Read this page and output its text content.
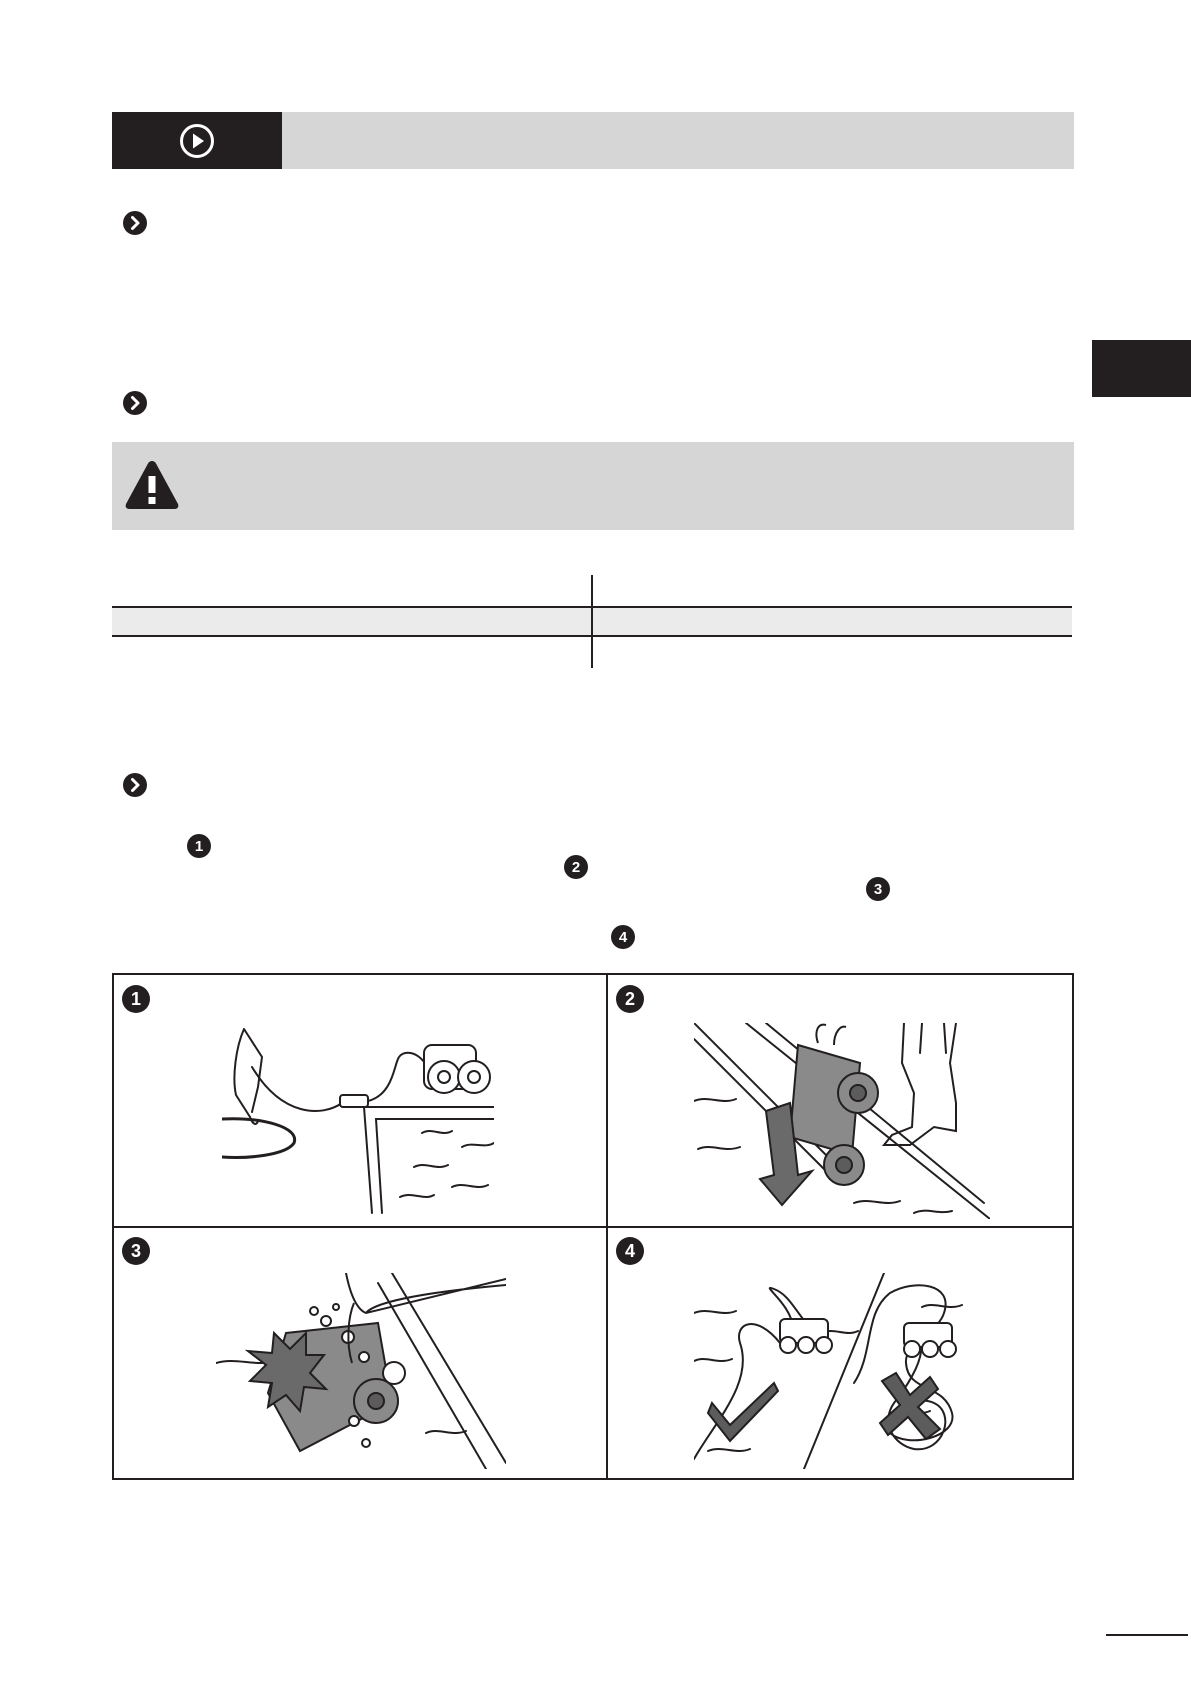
1
2
3
4
1	2
3	4
